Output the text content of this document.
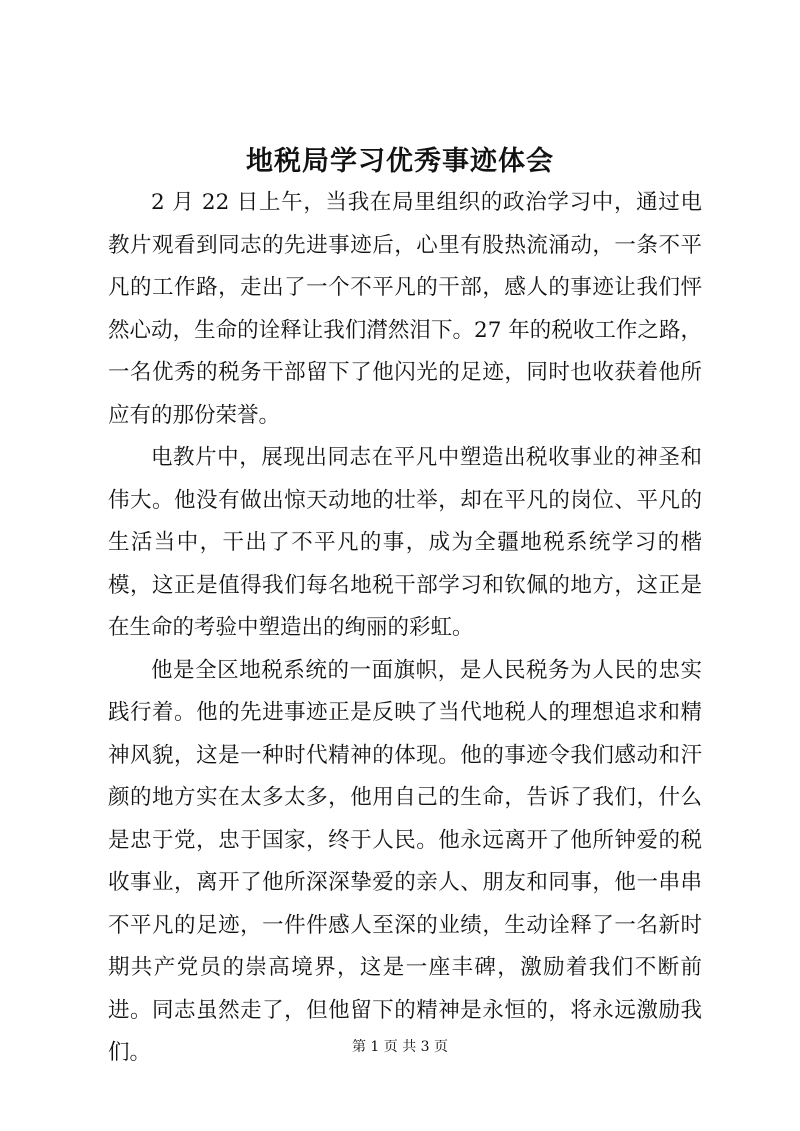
地税局学习优秀事迹体会

2 月 22 日上午，当我在局里组织的政治学习中，通过电教片观看到同志的先进事迹后，心里有股热流涌动，一条不平凡的工作路，走出了一个不平凡的干部，感人的事迹让我们怦然心动，生命的诠释让我们潸然泪下。27 年的税收工作之路，一名优秀的税务干部留下了他闪光的足迹，同时也收获着他所应有的那份荣誉。

电教片中，展现出同志在平凡中塑造出税收事业的神圣和伟大。他没有做出惊天动地的壮举，却在平凡的岗位、平凡的生活当中，干出了不平凡的事，成为全疆地税系统学习的楷模，这正是值得我们每名地税干部学习和钦佩的地方，这正是在生命的考验中塑造出的绚丽的彩虹。

他是全区地税系统的一面旗帜，是人民税务为人民的忠实践行着。他的先进事迹正是反映了当代地税人的理想追求和精神风貌，这是一种时代精神的体现。他的事迹令我们感动和汗颜的地方实在太多太多，他用自己的生命，告诉了我们，什么是忠于党，忠于国家，终于人民。他永远离开了他所钟爱的税收事业，离开了他所深深挚爱的亲人、朋友和同事，他一串串不平凡的足迹，一件件感人至深的业绩，生动诠释了一名新时期共产党员的崇高境界，这是一座丰碑，激励着我们不断前进。同志虽然走了，但他留下的精神是永恒的，将永远激励我们。	第 1 页 共 3 页
